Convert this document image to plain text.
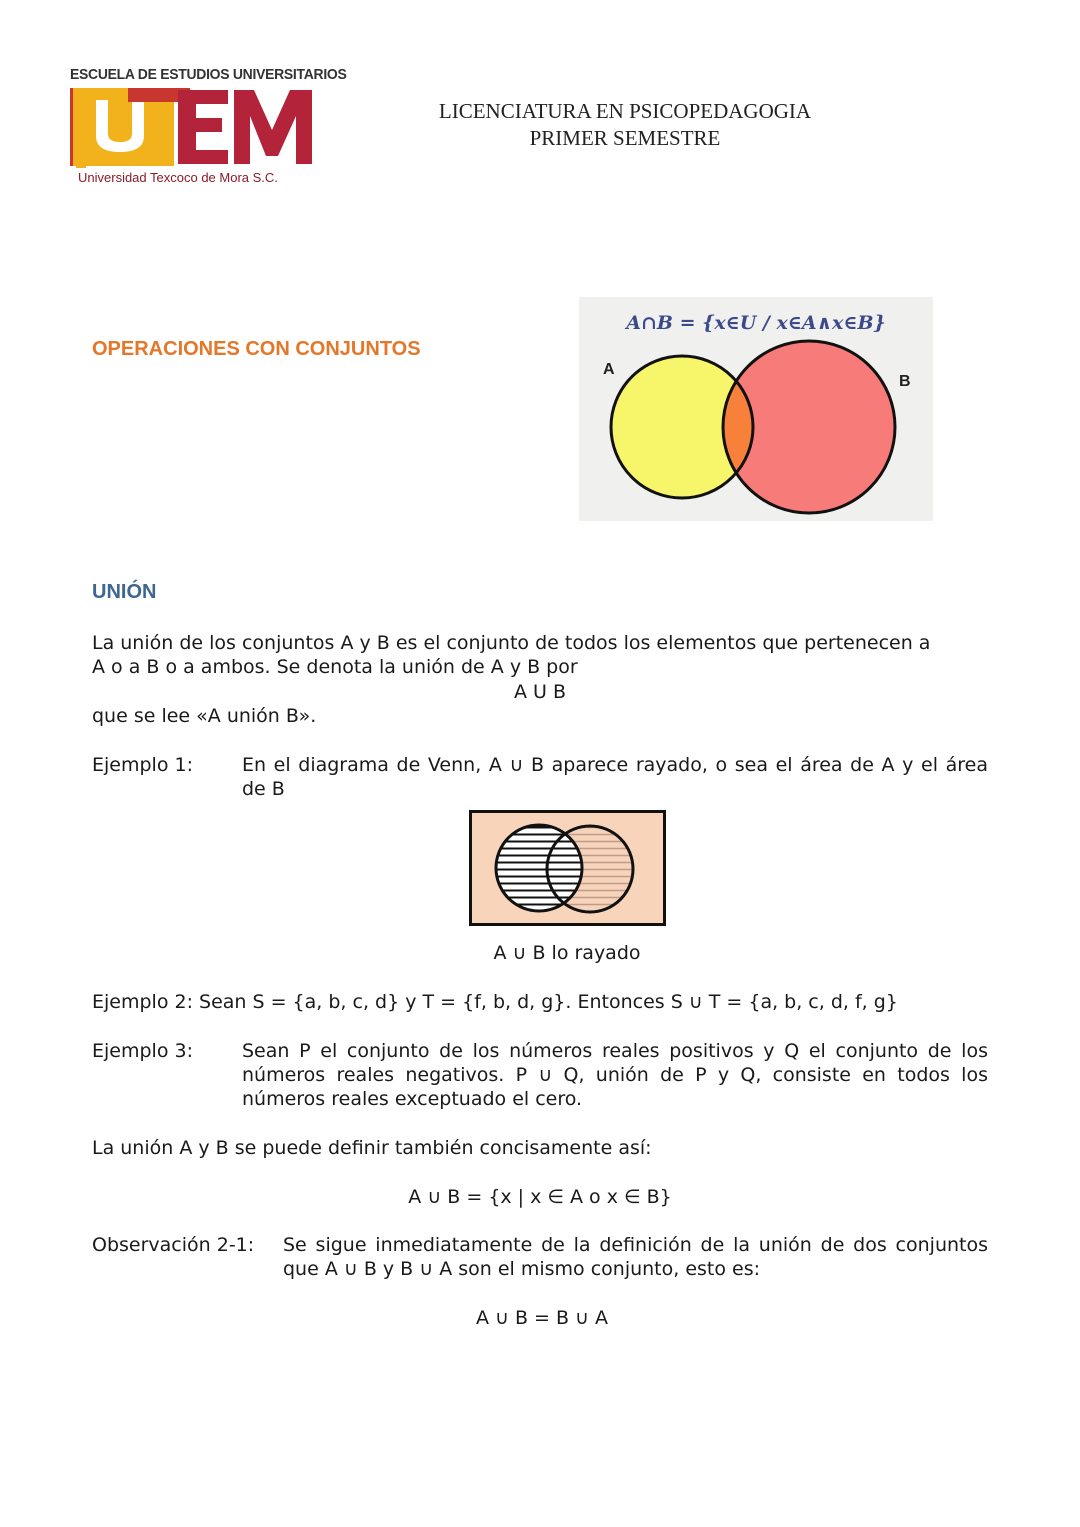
ESCUELA DE ESTUDIOS UNIVERSITARIOS
Universidad Texcoco de Mora S.C.
LICENCIATURA EN PSICOPEDAGOGIA
PRIMER SEMESTRE
OPERACIONES CON CONJUNTOS
A∩B = {x∈U / x∈A∧x∈B}
A
B
UNIÓN
La unión de los conjuntos A y B es el conjunto de todos los elementos que pertenecen a
A o a B o a ambos. Se denota la unión de A y B por
A U B
que se lee «A unión B».
Ejemplo 1:	En el diagrama de Venn, A ∪ B aparece rayado, o sea el área de A y el área de B
A ∪ B lo rayado
Ejemplo 2: Sean S = {a, b, c, d} y T = {f, b, d, g}. Entonces S ∪ T = {a, b, c, d, f, g}
Ejemplo 3:	Sean P el conjunto de los números reales positivos y Q el conjunto de los números reales negativos. P ∪ Q, unión de P y Q, consiste en todos los números reales exceptuado el cero.
La unión A y B se puede definir también concisamente así:
A ∪ B = {x | x ∈ A o x ∈ B}
Observación 2-1: Se sigue inmediatamente de la definición de la unión de dos conjuntos que A ∪ B y B ∪ A son el mismo conjunto, esto es:
A ∪ B = B ∪ A
